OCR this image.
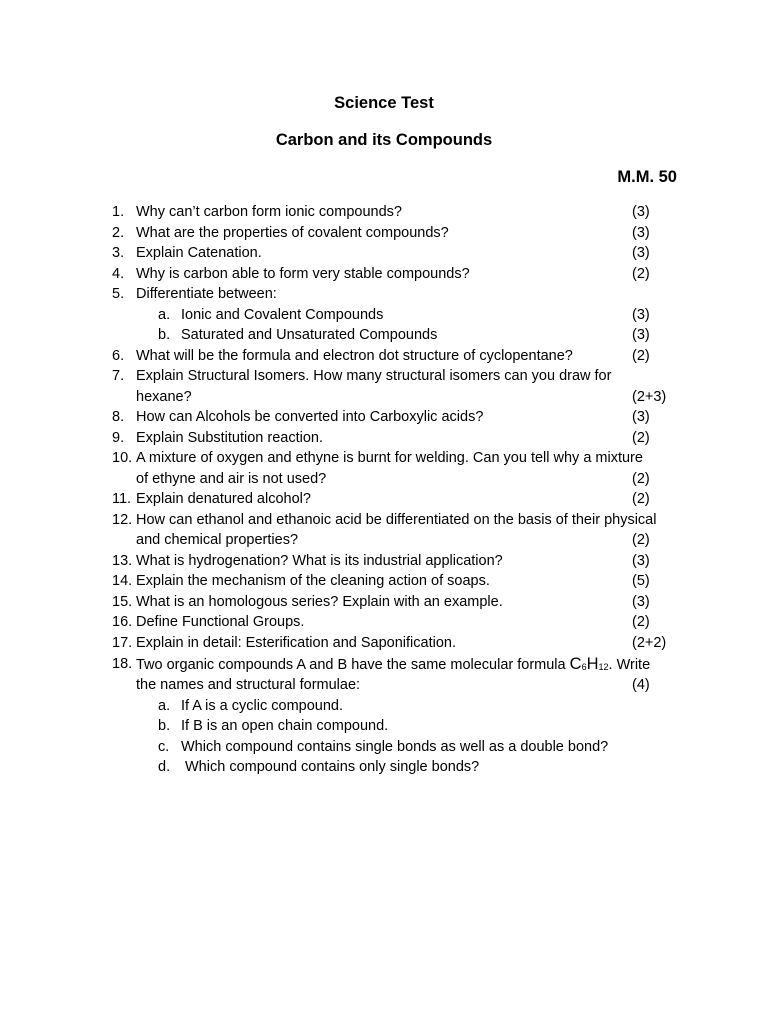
Science Test
Carbon and its Compounds
M.M. 50
1. Why can’t carbon form ionic compounds?	(3)
2. What are the properties of covalent compounds?	(3)
3. Explain Catenation.	(3)
4. Why is carbon able to form very stable compounds?	(2)
5. Differentiate between:
a. Ionic and Covalent Compounds	(3)
b. Saturated and Unsaturated Compounds	(3)
6. What will be the formula and electron dot structure of cyclopentane?	(2)
7. Explain Structural Isomers. How many structural isomers can you draw for
hexane?	(2+3)
8. How can Alcohols be converted into Carboxylic acids?	(3)
9. Explain Substitution reaction.	(2)
10. A mixture of oxygen and ethyne is burnt for welding. Can you tell why a mixture
of ethyne and air is not used?	(2)
11. Explain denatured alcohol?	(2)
12. How can ethanol and ethanoic acid be differentiated on the basis of their physical
and chemical properties?	(2)
13. What is hydrogenation? What is its industrial application?	(3)
14. Explain the mechanism of the cleaning action of soaps.	(5)
15. What is an homologous series? Explain with an example.	(3)
16. Define Functional Groups.	(2)
17. Explain in detail: Esterification and Saponification.	(2+2)
18. Two organic compounds A and B have the same molecular formula $C_6H_{12}$. Write
the names and structural formulae:	(4)
a. If A is a cyclic compound.
b. If B is an open chain compound.
c. Which compound contains single bonds as well as a double bond?
d. Which compound contains only single bonds?
